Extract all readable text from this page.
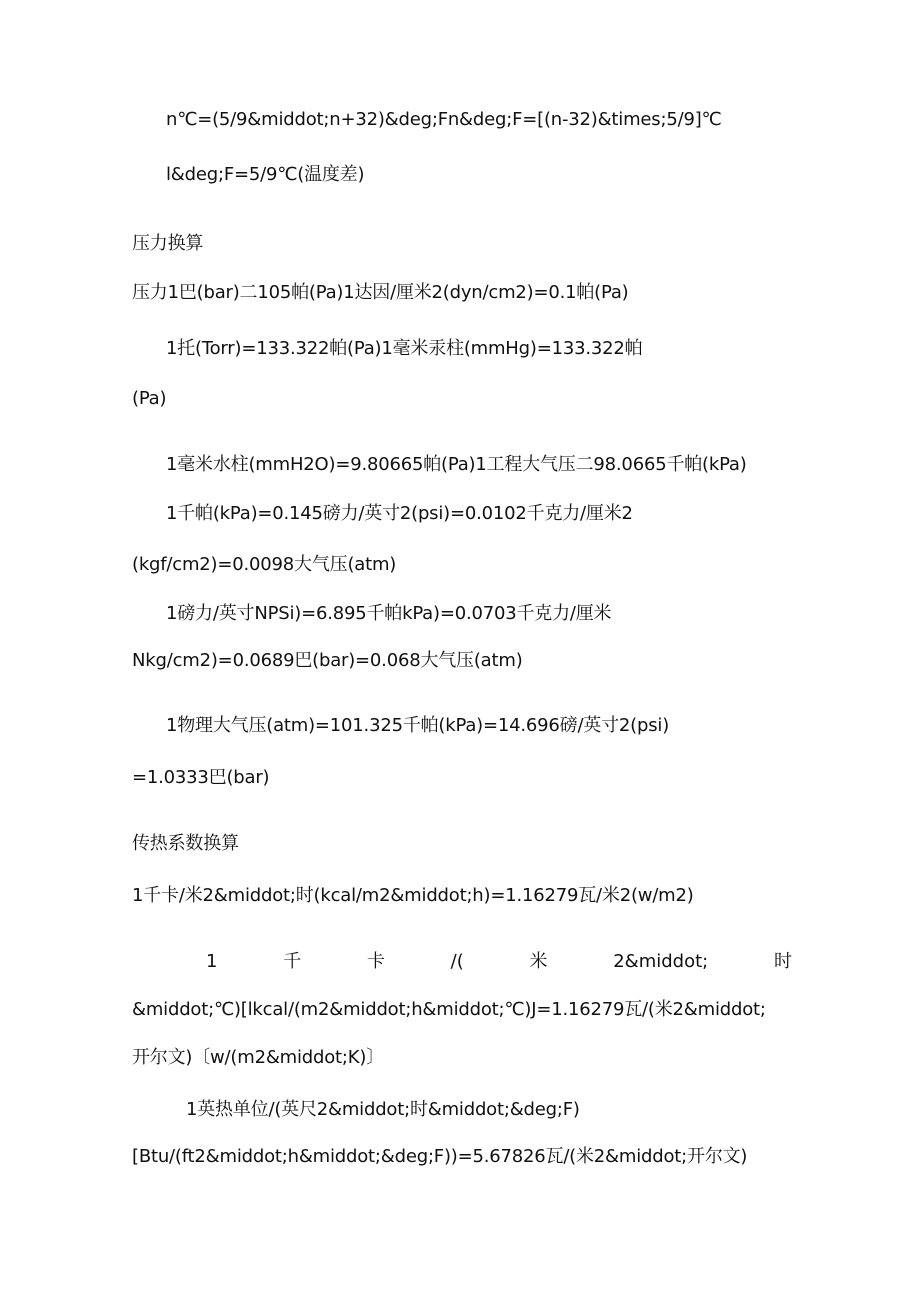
n℃=(5/9&middot;n+32)&deg;Fn&deg;F=[(n-32)&times;5/9]℃
l&deg;F=5/9℃(温度差)
压力换算
压力1巴(bar)二105帕(Pa)1达因/厘米2(dyn∕cm2)=0.1帕(Pa)
1托(Torr)=133.322帕(Pa)1毫米汞柱(mmHg)=133.322帕
(Pa)
1毫米水柱(mmH2O)=9.80665帕(Pa)1工程大气压二98.0665千帕(kPa)
1千帕(kPa)=0.145磅力/英寸2(psi)=0.0102千克力/厘米2
(kgf∕cm2)=0.0098大气压(atm)
1磅力/英寸NPSi)=6.895千帕kPa)=0.0703千克力/厘米
Nkg∕cm2)=0.0689巴(bar)=0.068大气压(atm)
1物理大气压(atm)=101.325千帕(kPa)=14.696磅/英寸2(psi)
=1.0333巴(bar)
传热系数换算
1千卡/米2&middot;时(kcal/m2&middot;h)=1.16279瓦/米2(w∕m2)
1	千	卡	/(	米	2&middot;	时
&middot;℃)[lkcal/(m2&middot;h&middot;℃)J=1.16279瓦/(米2&middot;
开尔文)〔w/(m2&middot;K)〕
1英热单位/(英尺2&middot;时&middot;&deg;F)
[Btu/(ft2&middot;h&middot;&deg;F))=5.67826瓦/(米2&middot;开尔文)
